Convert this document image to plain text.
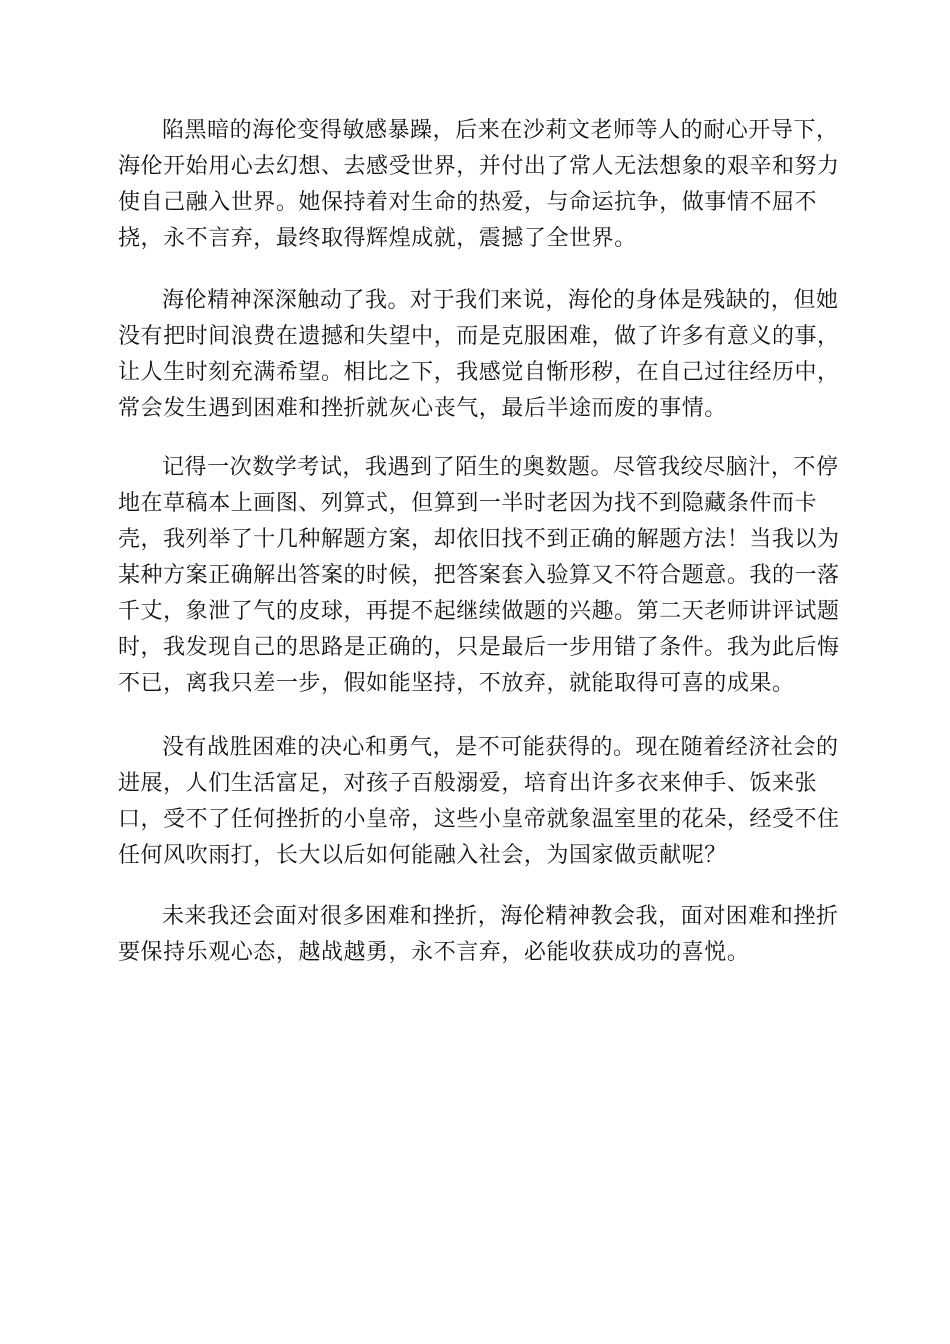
陷黑暗的海伦变得敏感暴躁，后来在沙莉文老师等人的耐心开导下，
海伦开始用心去幻想、去感受世界，并付出了常人无法想象的艰辛和努力
使自己融入世界。她保持着对生命的热爱，与命运抗争，做事情不屈不
挠，永不言弃，最终取得辉煌成就，震撼了全世界。
海伦精神深深触动了我。对于我们来说，海伦的身体是残缺的，但她
没有把时间浪费在遗撼和失望中，而是克服困难，做了许多有意义的事，
让人生时刻充满希望。相比之下，我感觉自惭形秽，在自己过往经历中，
常会发生遇到困难和挫折就灰心丧气，最后半途而废的事情。
记得一次数学考试，我遇到了陌生的奥数题。尽管我绞尽脑汁，不停
地在草稿本上画图、列算式，但算到一半时老因为找不到隐藏条件而卡
壳，我列举了十几种解题方案，却依旧找不到正确的解题方法！当我以为
某种方案正确解出答案的时候，把答案套入验算又不符合题意。我的一落
千丈，象泄了气的皮球，再提不起继续做题的兴趣。第二天老师讲评试题
时，我发现自己的思路是正确的，只是最后一步用错了条件。我为此后悔
不已，离我只差一步，假如能坚持，不放弃，就能取得可喜的成果。
没有战胜困难的决心和勇气，是不可能获得的。现在随着经济社会的
进展，人们生活富足，对孩子百般溺爱，培育出许多衣来伸手、饭来张
口，受不了任何挫折的小皇帝，这些小皇帝就象温室里的花朵，经受不住
任何风吹雨打，长大以后如何能融入社会，为国家做贡献呢？
未来我还会面对很多困难和挫折，海伦精神教会我，面对困难和挫折
要保持乐观心态，越战越勇，永不言弃，必能收获成功的喜悦。
